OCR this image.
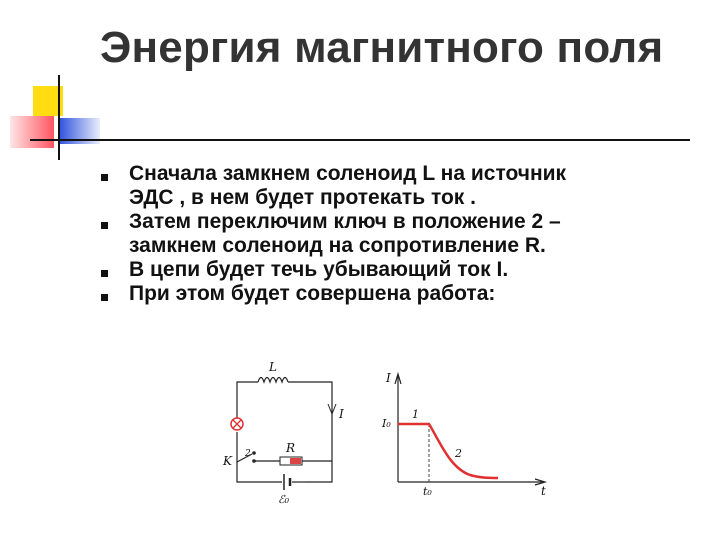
Энергия магнитного поля
Сначала замкнем соленоид L на источник
ЭДС , в нем будет протекать ток .
Затем переключим ключ в положение 2 –
замкнем соленоид на сопротивление R.
В цепи будет течь убывающий ток I.
При этом будет совершена работа:
L
I
R
K 2
ℰ₀
I
t
I₀
t₀
1
2
